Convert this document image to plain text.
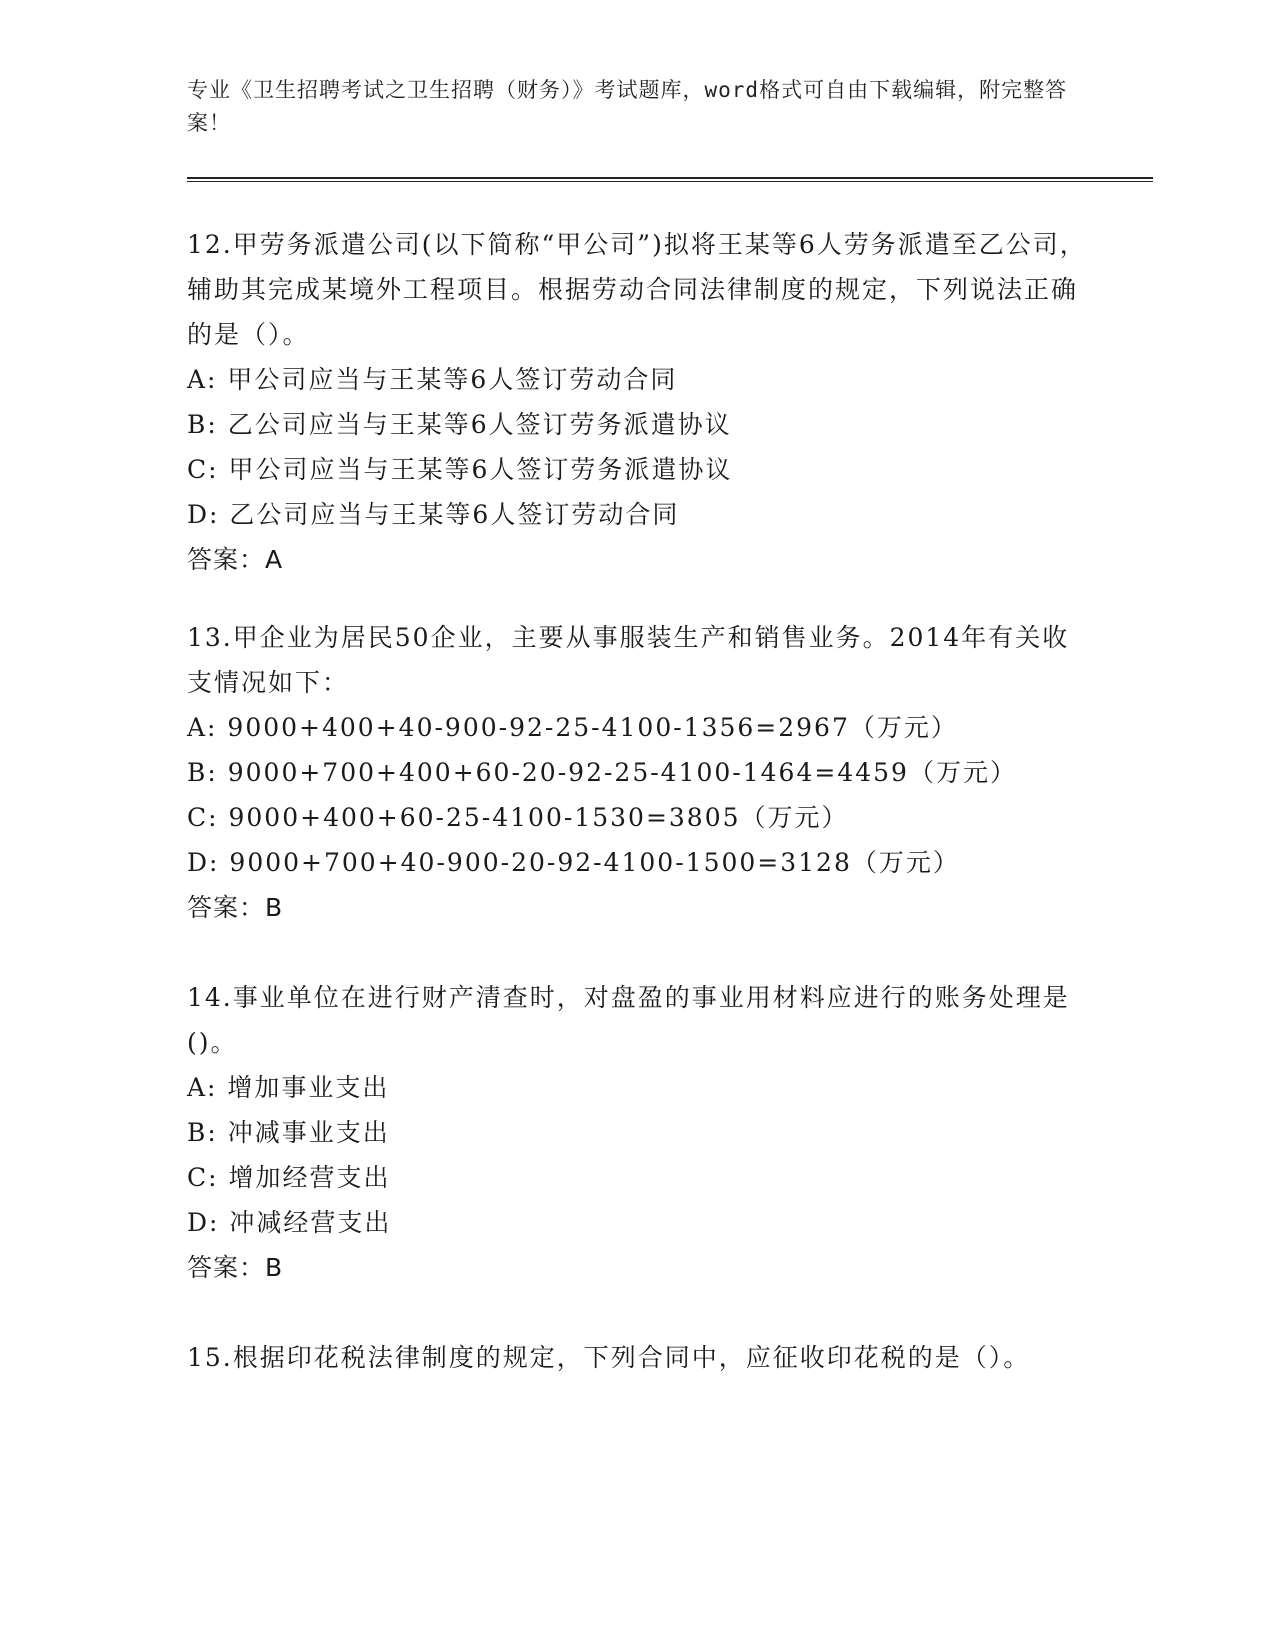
专业《卫生招聘考试之卫生招聘（财务）》考试题库，word格式可自由下载编辑，附完整答案！

12.甲劳务派遣公司(以下简称“甲公司”)拟将王某等6人劳务派遣至乙公司，辅助其完成某境外工程项目。根据劳动合同法律制度的规定，下列说法正确的是（）。

A: 甲公司应当与王某等6人签订劳动合同

B: 乙公司应当与王某等6人签订劳务派遣协议

C: 甲公司应当与王某等6人签订劳务派遣协议

D: 乙公司应当与王某等6人签订劳动合同

答案：A

13.甲企业为居民50企业，主要从事服装生产和销售业务。2014年有关收支情况如下：

A: 9000+400+40-900-92-25-4100-1356=2967（万元）

B: 9000+700+400+60-20-92-25-4100-1464=4459（万元）

C: 9000+400+60-25-4100-1530=3805（万元）

D: 9000+700+40-900-20-92-4100-1500=3128（万元）

答案：B

14.事业单位在进行财产清查时，对盘盈的事业用材料应进行的账务处理是()。

A: 增加事业支出

B: 冲减事业支出

C: 增加经营支出

D: 冲减经营支出

答案：B

15.根据印花税法律制度的规定，下列合同中，应征收印花税的是（）。
